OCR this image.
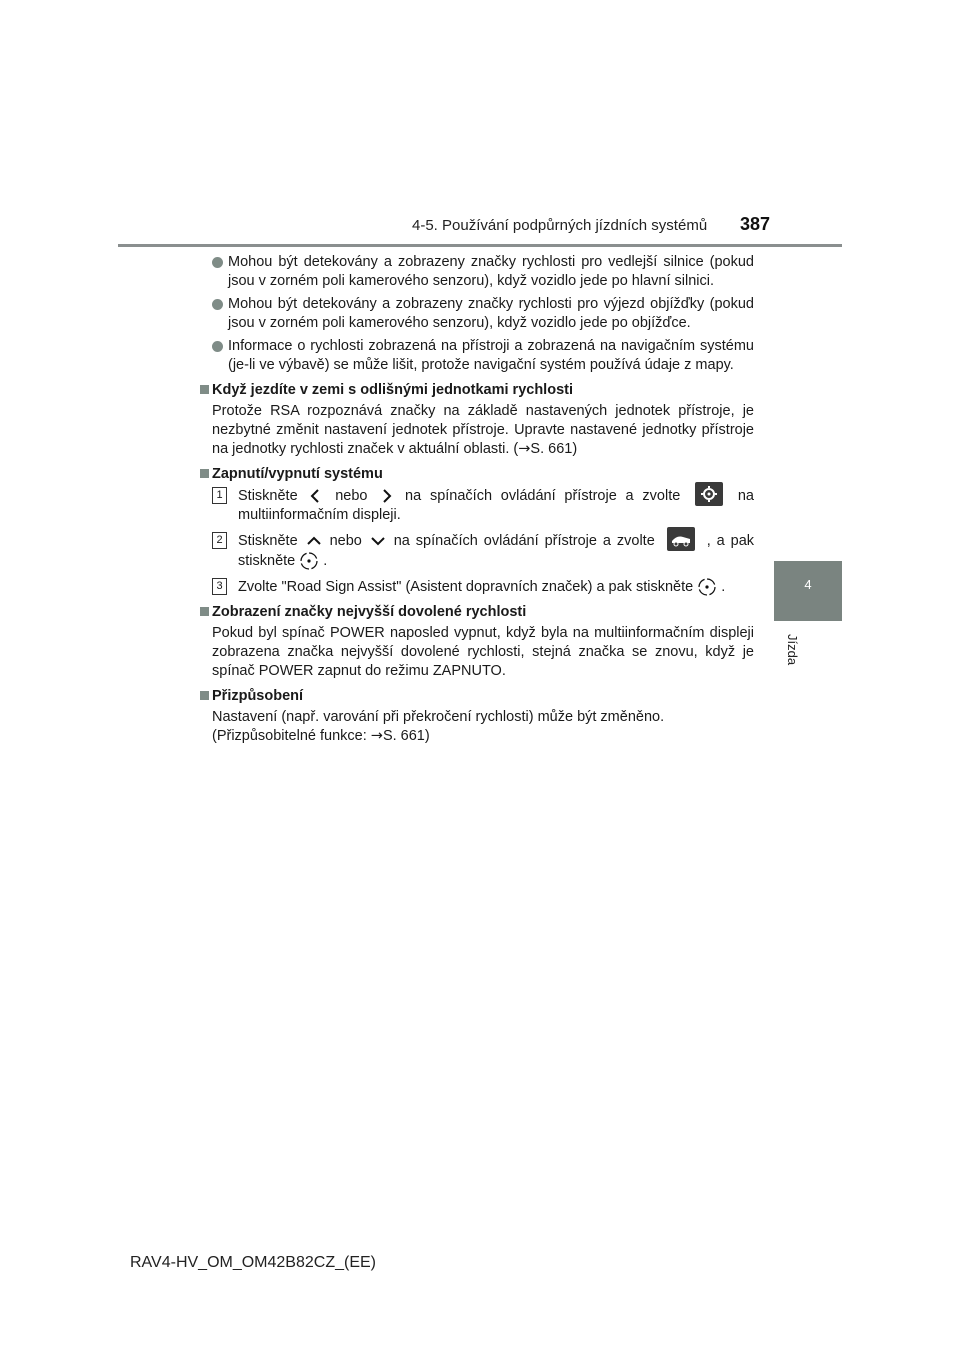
4-5. Používání podpůrných jízdních systémů 387
4
Jízda
Mohou být detekovány a zobrazeny značky rychlosti pro vedlejší silnice (pokud jsou v zorném poli kamerového senzoru), když vozidlo jede po hlavní silnici.
Mohou být detekovány a zobrazeny značky rychlosti pro výjezd objížďky (pokud jsou v zorném poli kamerového senzoru), když vozidlo jede po objížďce.
Informace o rychlosti zobrazená na přístroji a zobrazená na navigačním systému (je-li ve výbavě) se může lišit, protože navigační systém používá údaje z mapy.
Když jezdíte v zemi s odlišnými jednotkami rychlosti
Protože RSA rozpoznává značky na základě nastavených jednotek přístroje, je nezbytné změnit nastavení jednotek přístroje. Upravte nastavené jednotky přístroje na jednotky rychlosti značek v aktuální oblasti. (→S. 661)
Zapnutí/vypnutí systému
1	Stiskněte	nebo	na spínačích ovládání přístroje a zvolte	na multiinformačním displeji.
2	Stiskněte nebo na spínačích ovládání přístroje a zvolte	, a pak stiskněte .
3	Zvolte "Road Sign Assist" (Asistent dopravních značek) a pak stiskněte .
Zobrazení značky nejvyšší dovolené rychlosti
Pokud byl spínač POWER naposled vypnut, když byla na multiinformačním displeji zobrazena značka nejvyšší dovolené rychlosti, stejná značka se znovu, když je spínač POWER zapnut do režimu ZAPNUTO.
Přizpůsobení
Nastavení (např. varování při překročení rychlosti) může být změněno.
(Přizpůsobitelné funkce: →S. 661)
RAV4-HV_OM_OM42B82CZ_(EE)
